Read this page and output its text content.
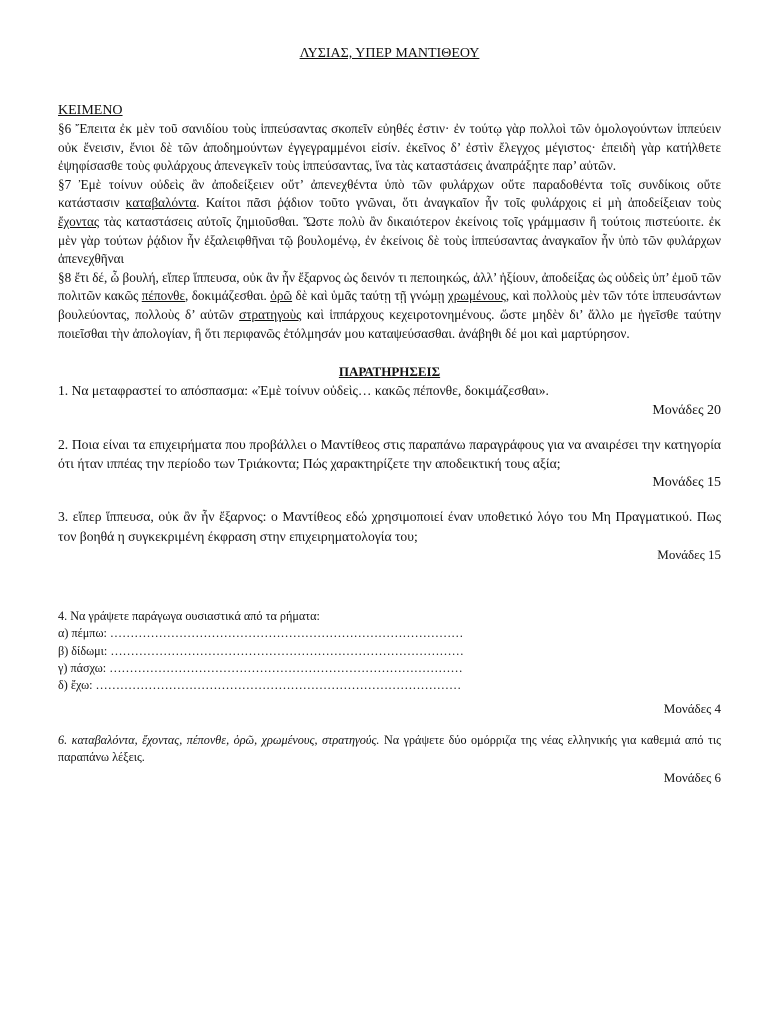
ΛΥΣΙΑΣ, ΥΠΕΡ ΜΑΝΤΙΘΕΟΥ
ΚΕΙΜΕΝΟ

§6 Ἔπειτα ἐκ μὲν τοῦ σανιδίου τοὺς ἱππεύσαντας σκοπεῖν εὐηθές ἐστιν· ἐν τούτῳ γὰρ πολλοὶ τῶν ὁμολογούντων ἱππεύειν οὐκ ἔνεισιν, ἔνιοι δὲ τῶν ἀποδημούντων ἐγγεγραμμένοι εἰσίν. ἐκεῖνος δ’ ἐστὶν ἔλεγχος μέγιστος· ἐπειδὴ γὰρ κατήλθετε ἐψηφίσασθε τοὺς φυλάρχους ἀπενεγκεῖν τοὺς ἱππεύσαντας, ἵνα τὰς καταστάσεις ἀναπράξητε παρ’ αὐτῶν.

§7 Ἐμὲ τοίνυν οὐδεὶς ἂν ἀποδείξειεν οὔτ’ ἀπενεχθέντα ὑπὸ τῶν φυλάρχων οὔτε παραδοθέντα τοῖς συνδίκοις οὔτε κατάστασιν καταβαλόντα. Καίτοι πᾶσι ῥᾴδιον τοῦτο γνῶναι, ὅτι ἀναγκαῖον ἦν τοῖς φυλάρχοις εἰ μὴ ἀποδείξειαν τοὺς ἔχοντας τὰς καταστάσεις αὐτοῖς ζημιοῦσθαι. Ὥστε πολὺ ἂν δικαιότερον ἐκείνοις τοῖς γράμμασιν ἢ τούτοις πιστεύοιτε. ἐκ μὲν γὰρ τούτων ῥᾴδιον ἦν ἐξαλειφθῆναι τῷ βουλομένῳ, ἐν ἐκείνοις δὲ τοὺς ἱππεύσαντας ἀναγκαῖον ἦν ὑπὸ τῶν φυλάρχων ἀπενεχθῆναι

§8 ἔτι δέ, ὦ βουλή, εἴπερ ἵππευσα, οὐκ ἂν ἦν ἔξαρνος ὡς δεινόν τι πεποιηκώς, ἀλλ’ ἠξίουν, ἀποδείξας ὡς οὐδεὶς ὑπ’ ἐμοῦ τῶν πολιτῶν κακῶς πέπονθε, δοκιμάζεσθαι. ὁρῶ δὲ καὶ ὑμᾶς ταύτῃ τῇ γνώμῃ χρωμένους, καὶ πολλοὺς μὲν τῶν τότε ἱππευσάντων βουλεύοντας, πολλοὺς δ’ αὐτῶν στρατηγοὺς καὶ ἱππάρχους κεχειροτονημένους. ὥστε μηδὲν δι’ ἄλλο με ἡγεῖσθε ταύτην ποιεῖσθαι τὴν ἀπολογίαν, ἢ ὅτι περιφανῶς ἐτόλμησάν μου καταψεύσασθαι. ἀνάβηθι δέ μοι καὶ μαρτύρησον.

ΠΑΡΑΤΗΡΗΣΕΙΣ

1. Να μεταφραστεί το απόσπασμα: «Ἐμὲ τοίνυν οὐδεὶς… κακῶς πέπονθε, δοκιμάζεσθαι».

Μονάδες 20

2. Ποια είναι τα επιχειρήματα που προβάλλει ο Μαντίθεος στις παραπάνω παραγράφους για να αναιρέσει την κατηγορία ότι ήταν ιππέας την περίοδο των Τριάκοντα; Πώς χαρακτηρίζετε την αποδεικτική τους αξία;

Μονάδες 15

3. εἴπερ ἵππευσα, οὐκ ἂν ἦν ἔξαρνος: ο Μαντίθεος εδώ χρησιμοποιεί έναν υποθετικό λόγο του Μη Πραγματικού. Πως τον βοηθά η συγκεκριμένη έκφραση στην επιχειρηματολογία του;

Μονάδες 15

4. Να γράψετε παράγωγα ουσιαστικά από τα ρήματα:

α) πέμπω: ……………………………………………………………………………

β) δίδωμι: ……………………………………………………………………………

γ) πάσχω: ……………………………………………………………………………

δ) ἔχω: ………………………………………………………………………………

Μονάδες 4

6. καταβαλόντα, ἔχοντας, πέπονθε, ὁρῶ, χρωμένους, στρατηγούς. Να γράψετε δύο ομόρριζα της νέας ελληνικής για καθεμιά από τις παραπάνω λέξεις.

Μονάδες 6
